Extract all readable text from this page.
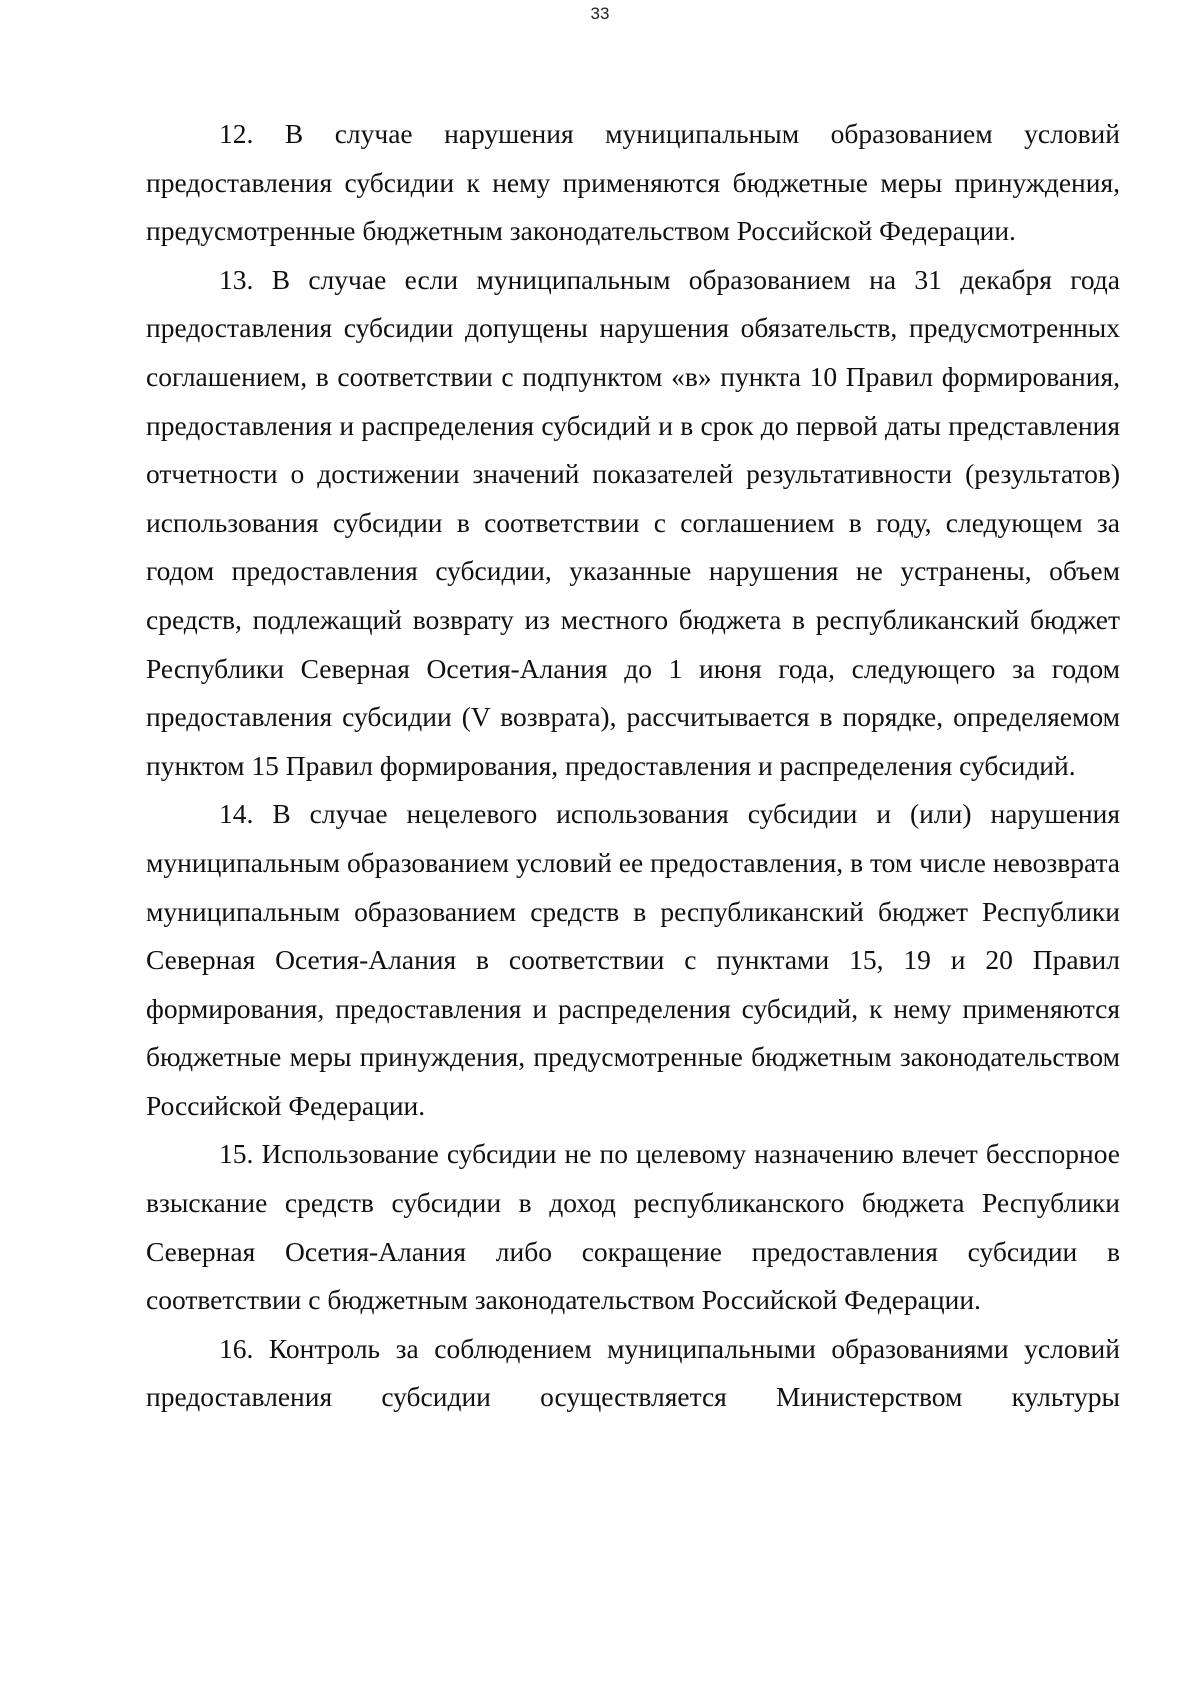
33

12. В случае нарушения муниципальным образованием условий предоставления субсидии к нему применяются бюджетные меры принуждения, предусмотренные бюджетным законодательством Российской Федерации.

13. В случае если муниципальным образованием на 31 декабря года предоставления субсидии допущены нарушения обязательств, предусмотренных соглашением, в соответствии с подпунктом «в» пункта 10 Правил формирования, предоставления и распределения субсидий и в срок до первой даты представления отчетности о достижении значений показателей результативности (результатов) использования субсидии в соответствии с соглашением в году, следующем за годом предоставления субсидии, указанные нарушения не устранены, объем средств, подлежащий возврату из местного бюджета в республиканский бюджет Республики Северная Осетия-Алания до 1 июня года, следующего за годом предоставления субсидии (V возврата), рассчитывается в порядке, определяемом пунктом 15 Правил формирования, предоставления и распределения субсидий.

14. В случае нецелевого использования субсидии и (или) нарушения муниципальным образованием условий ее предоставления, в том числе невозврата муниципальным образованием средств в республиканский бюджет Республики Северная Осетия-Алания в соответствии с пунктами 15, 19 и 20 Правил формирования, предоставления и распределения субсидий, к нему применяются бюджетные меры принуждения, предусмотренные бюджетным законодательством Российской Федерации.

15. Использование субсидии не по целевому назначению влечет бесспорное взыскание средств субсидии в доход республиканского бюджета Республики Северная Осетия-Алания либо сокращение предоставления субсидии в соответствии с бюджетным законодательством Российской Федерации.

16. Контроль за соблюдением муниципальными образованиями условий предоставления субсидии осуществляется Министерством культуры
